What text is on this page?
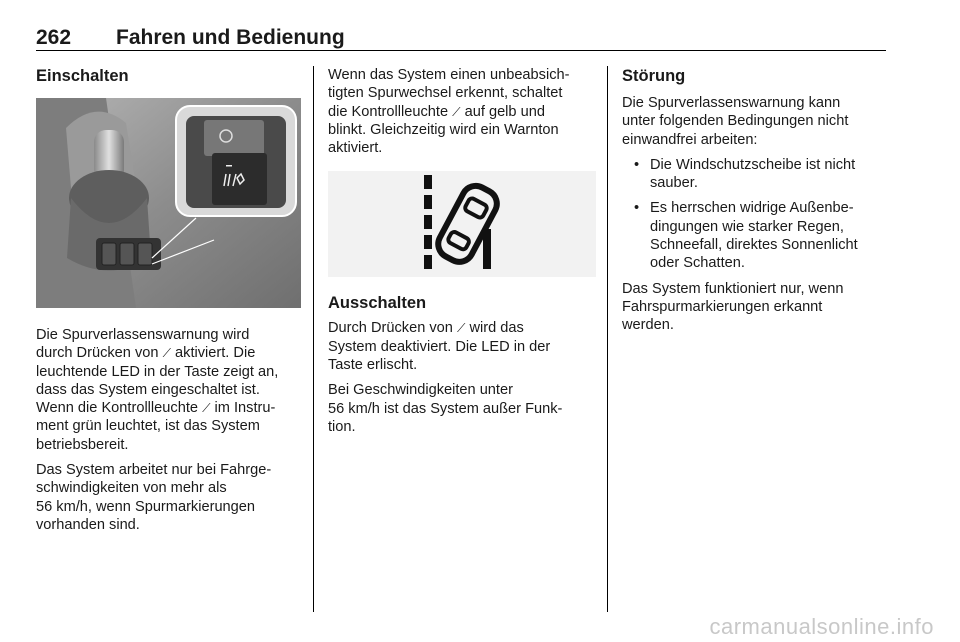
262 Fahren und Bedienung
Einschalten

Die Spurverlassenswarnung wird
durch Drücken von ⟋ aktiviert. Die
leuchtende LED in der Taste zeigt an,
dass das System eingeschaltet ist.
Wenn die Kontrollleuchte ⟋ im Instru-
ment grün leuchtet, ist das System
betriebsbereit.

Das System arbeitet nur bei Fahrge-
schwindigkeiten von mehr als
56 km/h, wenn Spurmarkierungen
vorhanden sind.

Wenn das System einen unbeabsich-
tigten Spurwechsel erkennt, schaltet
die Kontrollleuchte ⟋ auf gelb und
blinkt. Gleichzeitig wird ein Warnton
aktiviert.

Ausschalten

Durch Drücken von ⟋ wird das
System deaktiviert. Die LED in der
Taste erlischt.

Bei Geschwindigkeiten unter
56 km/h ist das System außer Funk-
tion.

Störung

Die Spurverlassenswarnung kann
unter folgenden Bedingungen nicht
einwandfrei arbeiten:

• Die Windschutzscheibe ist nicht
sauber.
• Es herrschen widrige Außenbe-
dingungen wie starker Regen,
Schneefall, direktes Sonnenlicht
oder Schatten.

Das System funktioniert nur, wenn
Fahrspurmarkierungen erkannt
werden.

carmanualsonline.info
